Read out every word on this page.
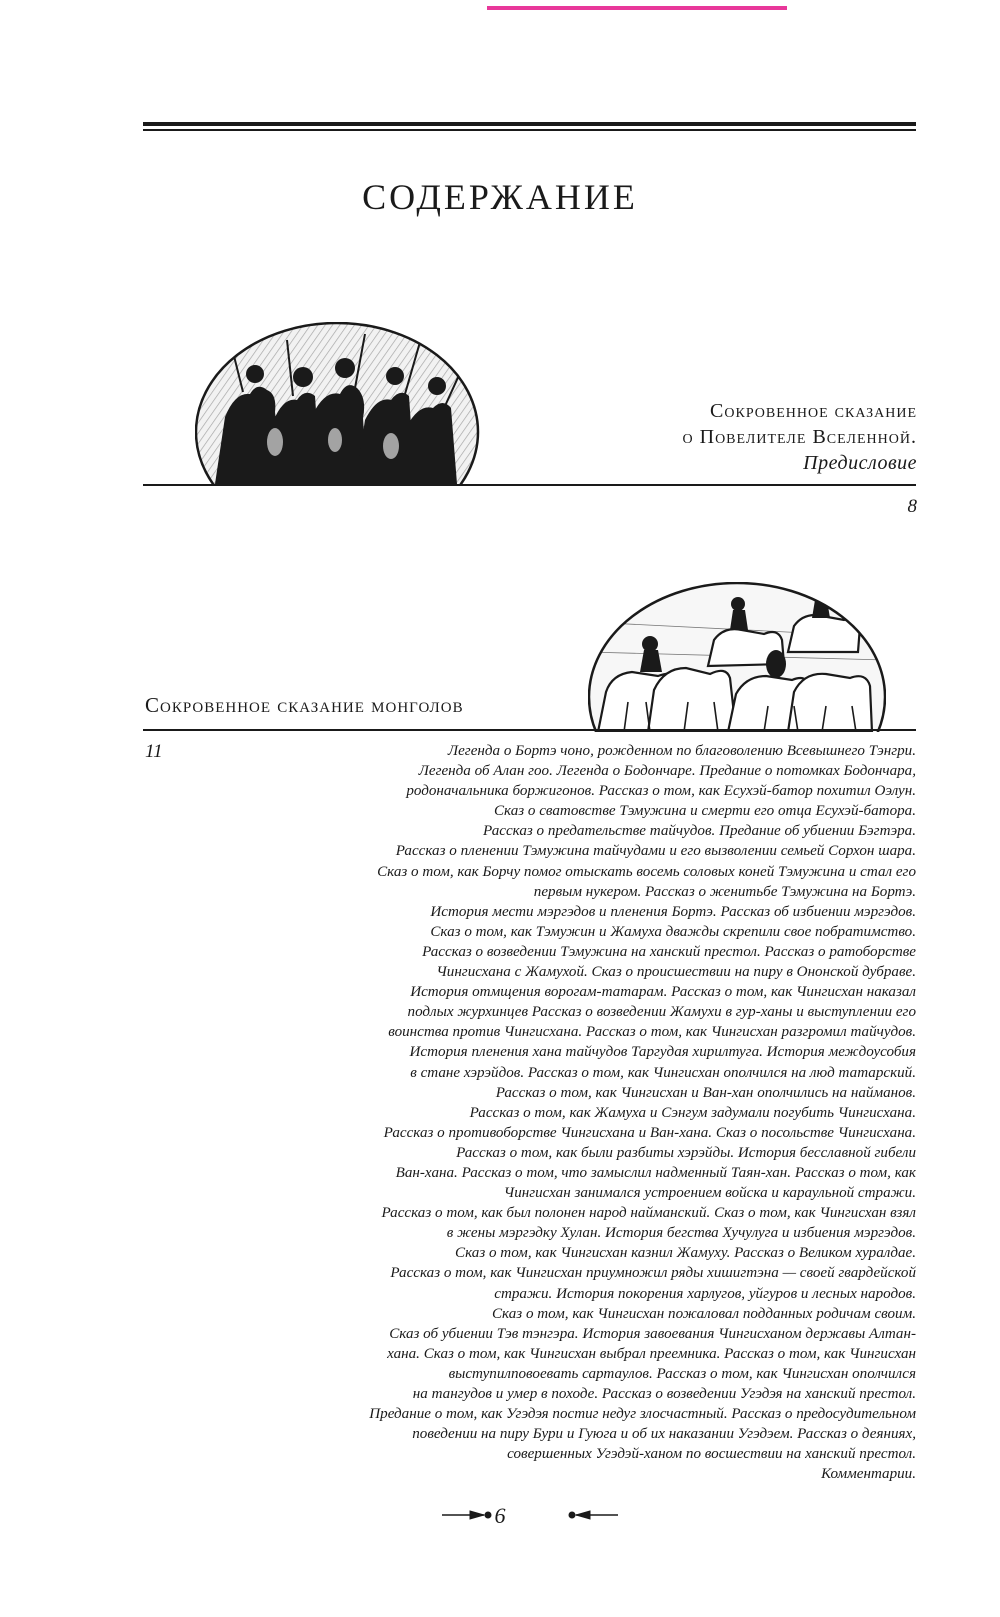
СОДЕРЖАНИЕ
Сокровенное сказание
о Повелителе Вселенной.
Предисловие
8
Сокровенное сказание монголов
11	Легенда о Бортэ чоно, рожденном по благоволению Всевышнего Тэнгри.
Легенда об Алан гоо. Легенда о Бодончаре. Предание о потомках Бодончара,
родоначальника боржигонов. Рассказ о том, как Есухэй-батор похитил Оэлун.
Сказ о сватовстве Тэмужина и смерти его отца Есухэй-батора.
Рассказ о предательстве тайчудов. Предание об убиении Бэгтэра.
Рассказ о пленении Тэмужина тайчудами и его вызволении семьей Сорхон шара.
Сказ о том, как Борчу помог отыскать восемь соловых коней Тэмужина и стал его
первым нукером. Рассказ о женитьбе Тэмужина на Бортэ.
История мести мэргэдов и пленения Бортэ. Рассказ об избиении мэргэдов.
Сказ о том, как Тэмужин и Жамуха дважды скрепили свое побратимство.
Рассказ о возведении Тэмужина на ханский престол. Рассказ о ратоборстве
Чингисхана с Жамухой. Сказ о происшествии на пиру в Ононской дубраве.
История отмщения ворогам-татарам. Рассказ о том, как Чингисхан наказал
подлых журхинцев Рассказ о возведении Жамухи в гур-ханы и выступлении его
воинства против Чингисхана. Рассказ о том, как Чингисхан разгромил тайчудов.
История пленения хана тайчудов Таргудая хирилтуга. История междоусобия
в стане хэрэйдов. Рассказ о том, как Чингисхан ополчился на люд татарский.
Рассказ о том, как Чингисхан и Ван-хан ополчились на найманов.
Рассказ о том, как Жамуха и Сэнгум задумали погубить Чингисхана.
Рассказ о противоборстве Чингисхана и Ван-хана. Сказ о посольстве Чингисхана.
Рассказ о том, как были разбиты хэрэйды. История бесславной гибели
Ван-хана. Рассказ о том, что замыслил надменный Таян-хан. Рассказ о том, как
Чингисхан занимался устроением войска и караульной стражи.
Рассказ о том, как был полонен народ найманский. Сказ о том, как Чингисхан взял
в жены мэргэдку Хулан. История бегства Хучулуга и избиения мэргэдов.
Сказ о том, как Чингисхан казнил Жамуху. Рассказ о Великом хуралдае.
Рассказ о том, как Чингисхан приумножил ряды хишигтэна — своей гвардейской
стражи. История покорения харлугов, уйгуров и лесных народов.
Сказ о том, как Чингисхан пожаловал подданных родичам своим.
Сказ об убиении Тэв тэнгэра. История завоевания Чингисханом державы Алтан-
хана. Сказ о том, как Чингисхан выбрал преемника. Рассказ о том, как Чингисхан
выступилповоевать сартаулов. Рассказ о том, как Чингисхан ополчился
на тангудов и умер в походе. Рассказ о возведении Угэдэя на ханский престол.
Предание о том, как Угэдэя постиг недуг злосчастный. Рассказ о предосудительном
поведении на пиру Бури и Гуюга и об их наказании Угэдэем. Рассказ о деяниях,
совершенных Угэдэй-ханом по восшествии на ханский престол.
Комментарии.
6
